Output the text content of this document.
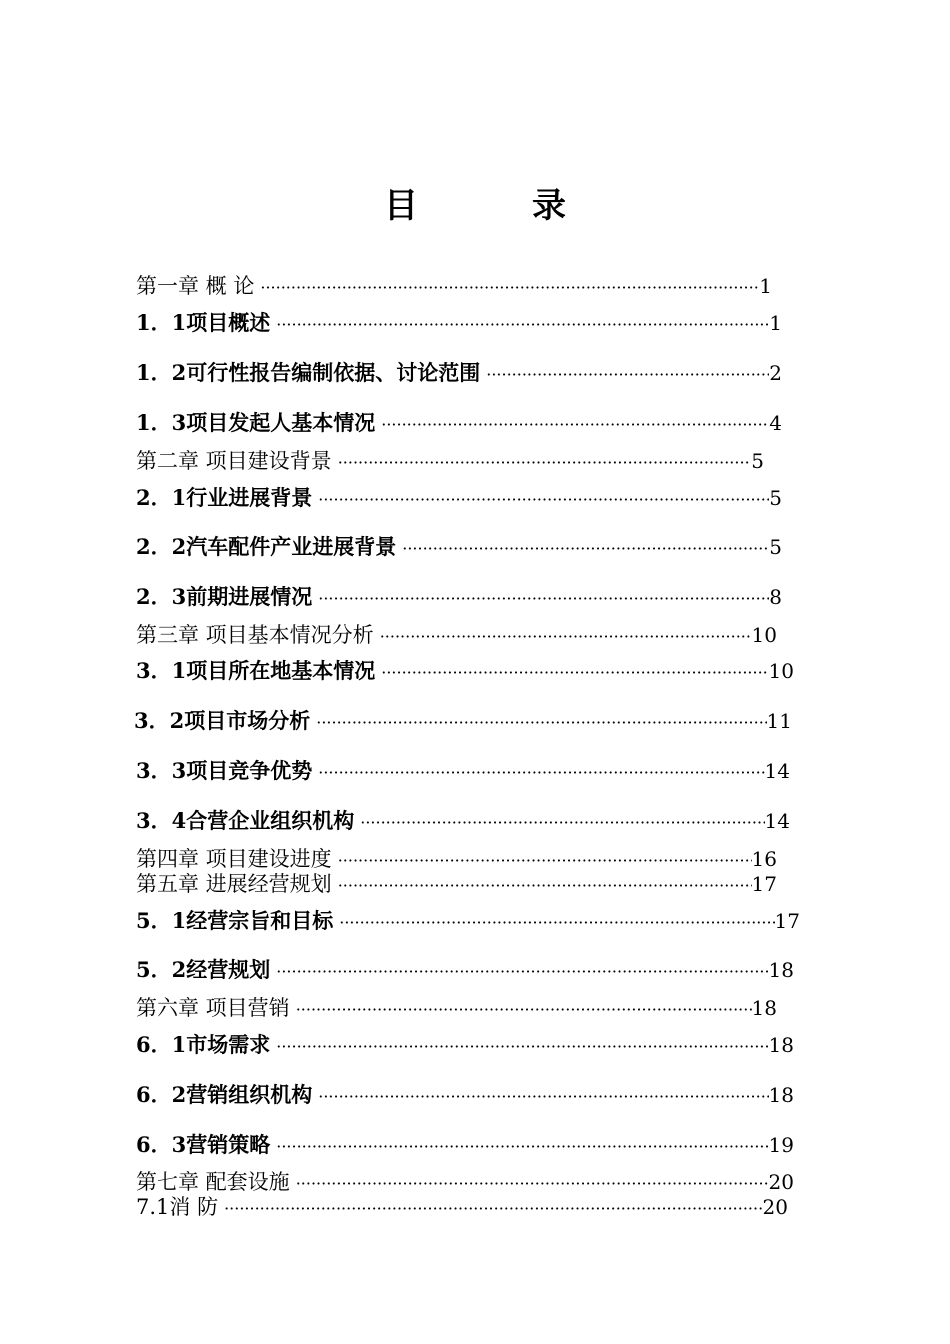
目　录
第一章 概 论 ·····	1
1．1项目概述 ·····	1
1．2可行性报告编制依据、讨论范围 ·····	2
1．3项目发起人基本情况 ·····	4
第二章 项目建设背景 ·····	5
2．1行业进展背景 ·····	5
2．2汽车配件产业进展背景 ·····	5
2．3前期进展情况 ·····	8
第三章 项目基本情况分析 ·····	10
3．1项目所在地基本情况 ·····	10
3．2项目市场分析 ·····	11
3．3项目竞争优势 ·····	14
3．4合营企业组织机构 ·····	14
第四章 项目建设进度 ·····	16
第五章 进展经营规划 ·····	17
5．1经营宗旨和目标 ·····	17
5．2经营规划 ·····	18
第六章 项目营销 ·····	18
6．1市场需求 ·····	18
6．2营销组织机构 ·····	18
6．3营销策略 ·····	19
第七章 配套设施 ·····	20
7.1消 防 ·····	20
